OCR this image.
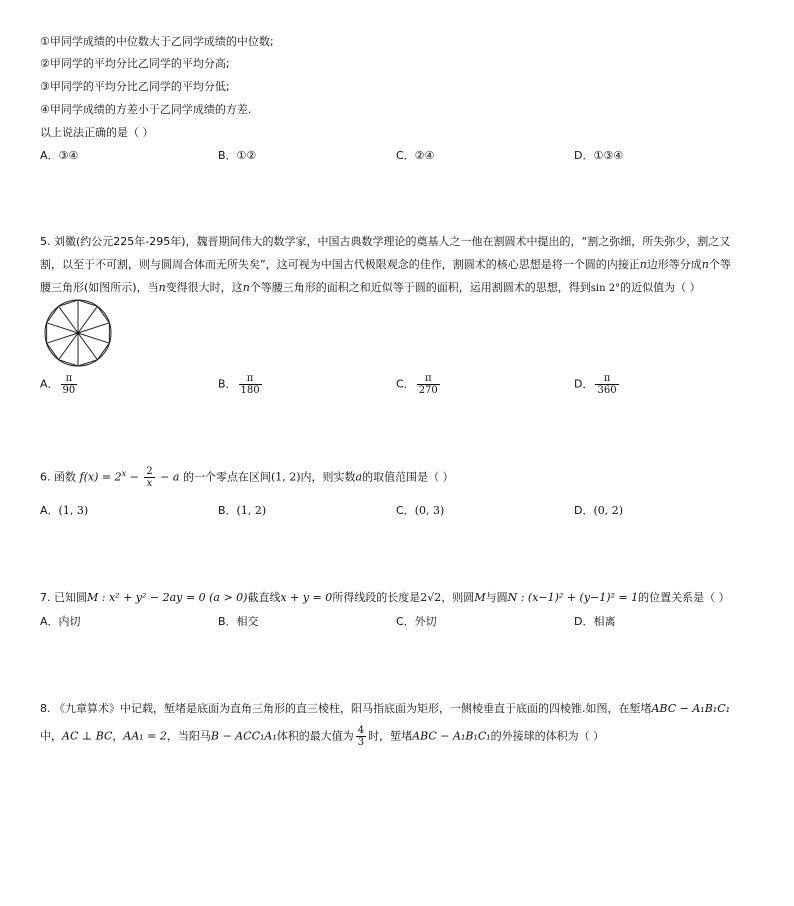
①甲同学成绩的中位数大于乙同学成绩的中位数;
②甲同学的平均分比乙同学的平均分高;
③甲同学的平均分比乙同学的平均分低;
④甲同学成绩的方差小于乙同学成绩的方差.
以上说法正确的是（ ）
A．③④	B．①②	C．②④	D．①③④
5. 刘徽(约公元225年-295年)，魏晋期间伟大的数学家，中国古典数学理论的奠基人之一他在割圆术中提出的，“割之弥细，所失弥少，割之又
割，以至于不可割，则与圆周合体而无所失矣”，这可视为中国古代极限观念的佳作，割圆术的核心思想是将一个圆的内接正n边形等分成n个等
腰三角形(如图所示)，当n变得很大时，这n个等腰三角形的面积之和近似等于圆的面积，运用割圆术的思想，得到sin 2°的近似值为（ ）
A． $\frac{\pi}{90}$	B． $\frac{\pi}{180}$	C． $\frac{\pi}{270}$	D． $\frac{\pi}{360}$
6. 函数 $f(x) = 2^x - \frac{2}{x} - a$ 的一个零点在区间(1, 2)内，则实数a的取值范围是（ ）
A．(1, 3)	B．(1, 2)	C．(0, 3)	D．(0, 2)
7. 已知圆M : x² + y² − 2ay = 0 (a > 0)截直线x + y = 0所得线段的长度是2√2，则圆M与圆N : (x−1)² + (y−1)² = 1的位置关系是（ ）
A．内切	B．相交	C．外切	D．相离
8. 《九章算术》中记载，堑堵是底面为直角三角形的直三棱柱，阳马指底面为矩形，一侧棱垂直于底面的四棱锥.如图，在堑堵ABC − A₁B₁C₁
中，AC ⊥ BC，AA₁ = 2，当阳马B − ACC₁A₁体积的最大值为 $\frac{4}{3}$ 时，堑堵ABC − A₁B₁C₁的外接球的体积为（ ）
